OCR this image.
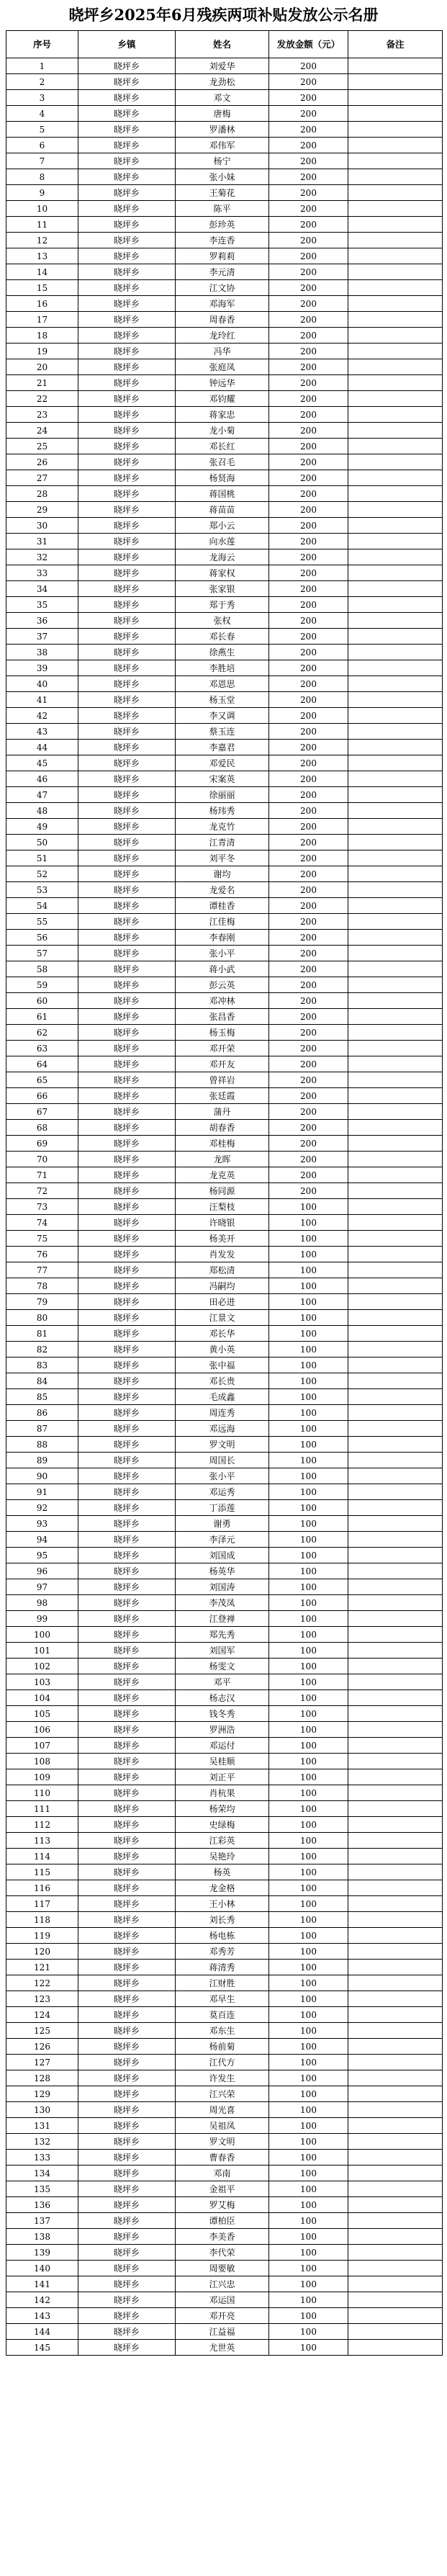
晓坪乡2025年6月残疾两项补贴发放公示名册
序号	乡镇	姓名	发放金额（元）	备注
1	晓坪乡	刘爱华	200	
2	晓坪乡	龙劲松	200	
3	晓坪乡	邓文	200	
4	晓坪乡	唐梅	200	
5	晓坪乡	罗潘林	200	
6	晓坪乡	邓伟军	200	
7	晓坪乡	杨宁	200	
8	晓坪乡	张小妹	200	
9	晓坪乡	王菊花	200	
10	晓坪乡	陈平	200	
11	晓坪乡	彭珍英	200	
12	晓坪乡	李连香	200	
13	晓坪乡	罗莉莉	200	
14	晓坪乡	李元清	200	
15	晓坪乡	江文协	200	
16	晓坪乡	邓海军	200	
17	晓坪乡	周春香	200	
18	晓坪乡	龙玲红	200	
19	晓坪乡	冯华	200	
20	晓坪乡	张庭凤	200	
21	晓坪乡	钟远华	200	
22	晓坪乡	邓钧耀	200	
23	晓坪乡	蒋家忠	200	
24	晓坪乡	龙小菊	200	
25	晓坪乡	邓长红	200	
26	晓坪乡	张召毛	200	
27	晓坪乡	杨贤海	200	
28	晓坪乡	蒋国桃	200	
29	晓坪乡	蒋苗苗	200	
30	晓坪乡	郑小云	200	
31	晓坪乡	向水莲	200	
32	晓坪乡	龙海云	200	
33	晓坪乡	蒋家权	200	
34	晓坪乡	张家银	200	
35	晓坪乡	郑于秀	200	
36	晓坪乡	张权	200	
37	晓坪乡	邓长春	200	
38	晓坪乡	徐燕生	200	
39	晓坪乡	李胜培	200	
40	晓坪乡	邓恩思	200	
41	晓坪乡	杨玉堂	200	
42	晓坪乡	李又调	200	
43	晓坪乡	蔡玉连	200	
44	晓坪乡	李嘉君	200	
45	晓坪乡	邓爱民	200	
46	晓坪乡	宋案英	200	
47	晓坪乡	徐丽丽	200	
48	晓坪乡	杨玮秀	200	
49	晓坪乡	龙克竹	200	
50	晓坪乡	江青清	200	
51	晓坪乡	刘平冬	200	
52	晓坪乡	谢均	200	
53	晓坪乡	龙爱名	200	
54	晓坪乡	谭桂香	200	
55	晓坪乡	江佳梅	200	
56	晓坪乡	李春刚	200	
57	晓坪乡	张小平	200	
58	晓坪乡	蒋小武	200	
59	晓坪乡	彭云英	200	
60	晓坪乡	邓冲林	200	
61	晓坪乡	张昌香	200	
62	晓坪乡	杨玉梅	200	
63	晓坪乡	邓开荣	200	
64	晓坪乡	邓开友	200	
65	晓坪乡	曾祥岩	200	
66	晓坪乡	张廷霞	200	
67	晓坪乡	蒲丹	200	
68	晓坪乡	胡春香	200	
69	晓坪乡	邓桂梅	200	
70	晓坪乡	龙晖	200	
71	晓坪乡	龙克英	200	
72	晓坪乡	杨同源	200	
73	晓坪乡	汪梨枝	100	
74	晓坪乡	许晓银	100	
75	晓坪乡	杨美开	100	
76	晓坪乡	肖发发	100	
77	晓坪乡	郑松清	100	
78	晓坪乡	冯嗣均	100	
79	晓坪乡	田必进	100	
80	晓坪乡	江景文	100	
81	晓坪乡	邓长华	100	
82	晓坪乡	黄小英	100	
83	晓坪乡	张中福	100	
84	晓坪乡	邓长贵	100	
85	晓坪乡	毛成鑫	100	
86	晓坪乡	周连秀	100	
87	晓坪乡	邓远海	100	
88	晓坪乡	罗文明	100	
89	晓坪乡	周国长	100	
90	晓坪乡	张小平	100	
91	晓坪乡	邓运秀	100	
92	晓坪乡	丁添莲	100	
93	晓坪乡	谢勇	100	
94	晓坪乡	李泽元	100	
95	晓坪乡	刘国成	100	
96	晓坪乡	杨英华	100	
97	晓坪乡	刘国涛	100	
98	晓坪乡	李茂凤	100	
99	晓坪乡	江登禅	100	
100	晓坪乡	郑先秀	100	
101	晓坪乡	刘国军	100	
102	晓坪乡	杨雯文	100	
103	晓坪乡	邓平	100	
104	晓坪乡	杨志汉	100	
105	晓坪乡	钱冬秀	100	
106	晓坪乡	罗洲浩	100	
107	晓坪乡	邓运付	100	
108	晓坪乡	吴桂顺	100	
109	晓坪乡	刘正平	100	
110	晓坪乡	肖杭果	100	
111	晓坪乡	杨荣均	100	
112	晓坪乡	史绿梅	100	
113	晓坪乡	江彩英	100	
114	晓坪乡	吴艳玲	100	
115	晓坪乡	杨英	100	
116	晓坪乡	龙金格	100	
117	晓坪乡	王小林	100	
118	晓坪乡	刘长秀	100	
119	晓坪乡	杨电栋	100	
120	晓坪乡	邓秀芳	100	
121	晓坪乡	蒋清秀	100	
122	晓坪乡	江财胜	100	
123	晓坪乡	邓早生	100	
124	晓坪乡	莫百连	100	
125	晓坪乡	邓东生	100	
126	晓坪乡	杨前菊	100	
127	晓坪乡	江代方	100	
128	晓坪乡	许发生	100	
129	晓坪乡	江兴荣	100	
130	晓坪乡	周光喜	100	
131	晓坪乡	吴祖凤	100	
132	晓坪乡	罗文明	100	
133	晓坪乡	曹春香	100	
134	晓坪乡	邓南	100	
135	晓坪乡	金祖平	100	
136	晓坪乡	罗艾梅	100	
137	晓坪乡	谭柏臣	100	
138	晓坪乡	李美香	100	
139	晓坪乡	李代荣	100	
140	晓坪乡	周要敏	100	
141	晓坪乡	江兴忠	100	
142	晓坪乡	邓运国	100	
143	晓坪乡	邓开亮	100	
144	晓坪乡	江益福	100	
145	晓坪乡	尤世英	100	
